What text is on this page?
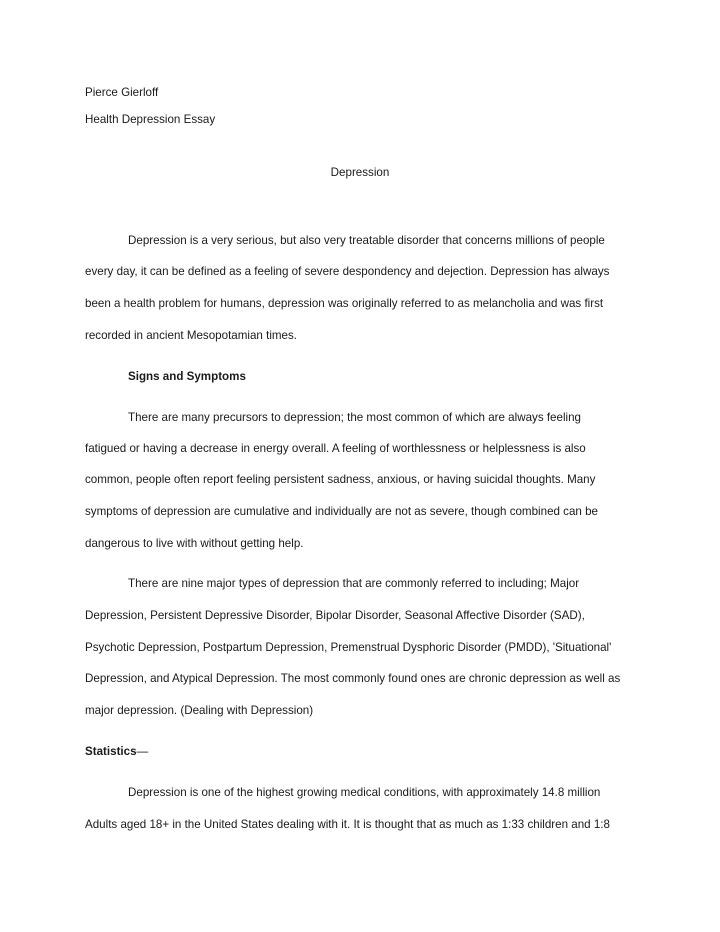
Pierce Gierloff
Health Depression Essay
Depression
Depression is a very serious, but also very treatable disorder that concerns millions of people
every day, it can be defined as a feeling of severe despondency and dejection. Depression has always
been a health problem for humans, depression was originally referred to as melancholia and was first
recorded in ancient Mesopotamian times.
Signs and Symptoms
There are many precursors to depression; the most common of which are always feeling
fatigued or having a decrease in energy overall. A feeling of worthlessness or helplessness is also
common, people often report feeling persistent sadness, anxious, or having suicidal thoughts. Many
symptoms of depression are cumulative and individually are not as severe, though combined can be
dangerous to live with without getting help.
There are nine major types of depression that are commonly referred to including; Major
Depression, Persistent Depressive Disorder, Bipolar Disorder, Seasonal Affective Disorder (SAD),
Psychotic Depression, Postpartum Depression, Premenstrual Dysphoric Disorder (PMDD), 'Situational'
Depression, and Atypical Depression. The most commonly found ones are chronic depression as well as
major depression. (Dealing with Depression)
Statistics—
Depression is one of the highest growing medical conditions, with approximately 14.8 million
Adults aged 18+ in the United States dealing with it. It is thought that as much as 1:33 children and 1:8
